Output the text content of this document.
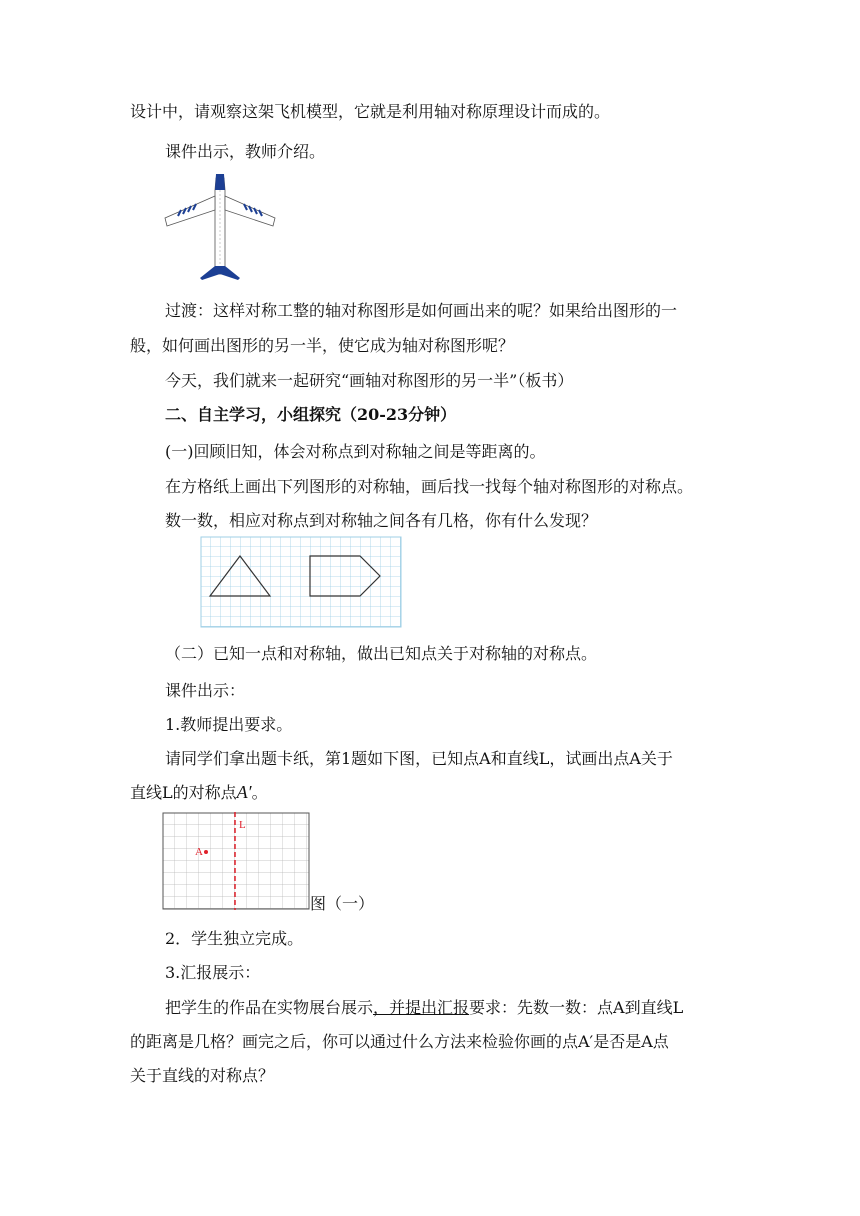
设计中，请观察这架飞机模型，它就是利用轴对称原理设计而成的。
课件出示，教师介绍。
过渡：这样对称工整的轴对称图形是如何画出来的呢？如果给出图形的一
般，如何画出图形的另一半，使它成为轴对称图形呢？
今天，我们就来一起研究“画轴对称图形的另一半”（板书）
二、自主学习，小组探究（20-23分钟）
(一)回顾旧知，体会对称点到对称轴之间是等距离的。
在方格纸上画出下列图形的对称轴，画后找一找每个轴对称图形的对称点。
数一数，相应对称点到对称轴之间各有几格，你有什么发现？
（二）已知一点和对称轴，做出已知点关于对称轴的对称点。
课件出示：
1.教师提出要求。
请同学们拿出题卡纸，第1题如下图，已知点A和直线L，试画出点A关于
直线L的对称点A′。
L
A
图（一）
2．学生独立完成。
3.汇报展示：
把学生的作品在实物展台展示，并提出汇报要求：先数一数：点A到直线L
的距离是几格？画完之后，你可以通过什么方法来检验你画的点A′是否是A点
关于直线的对称点？
